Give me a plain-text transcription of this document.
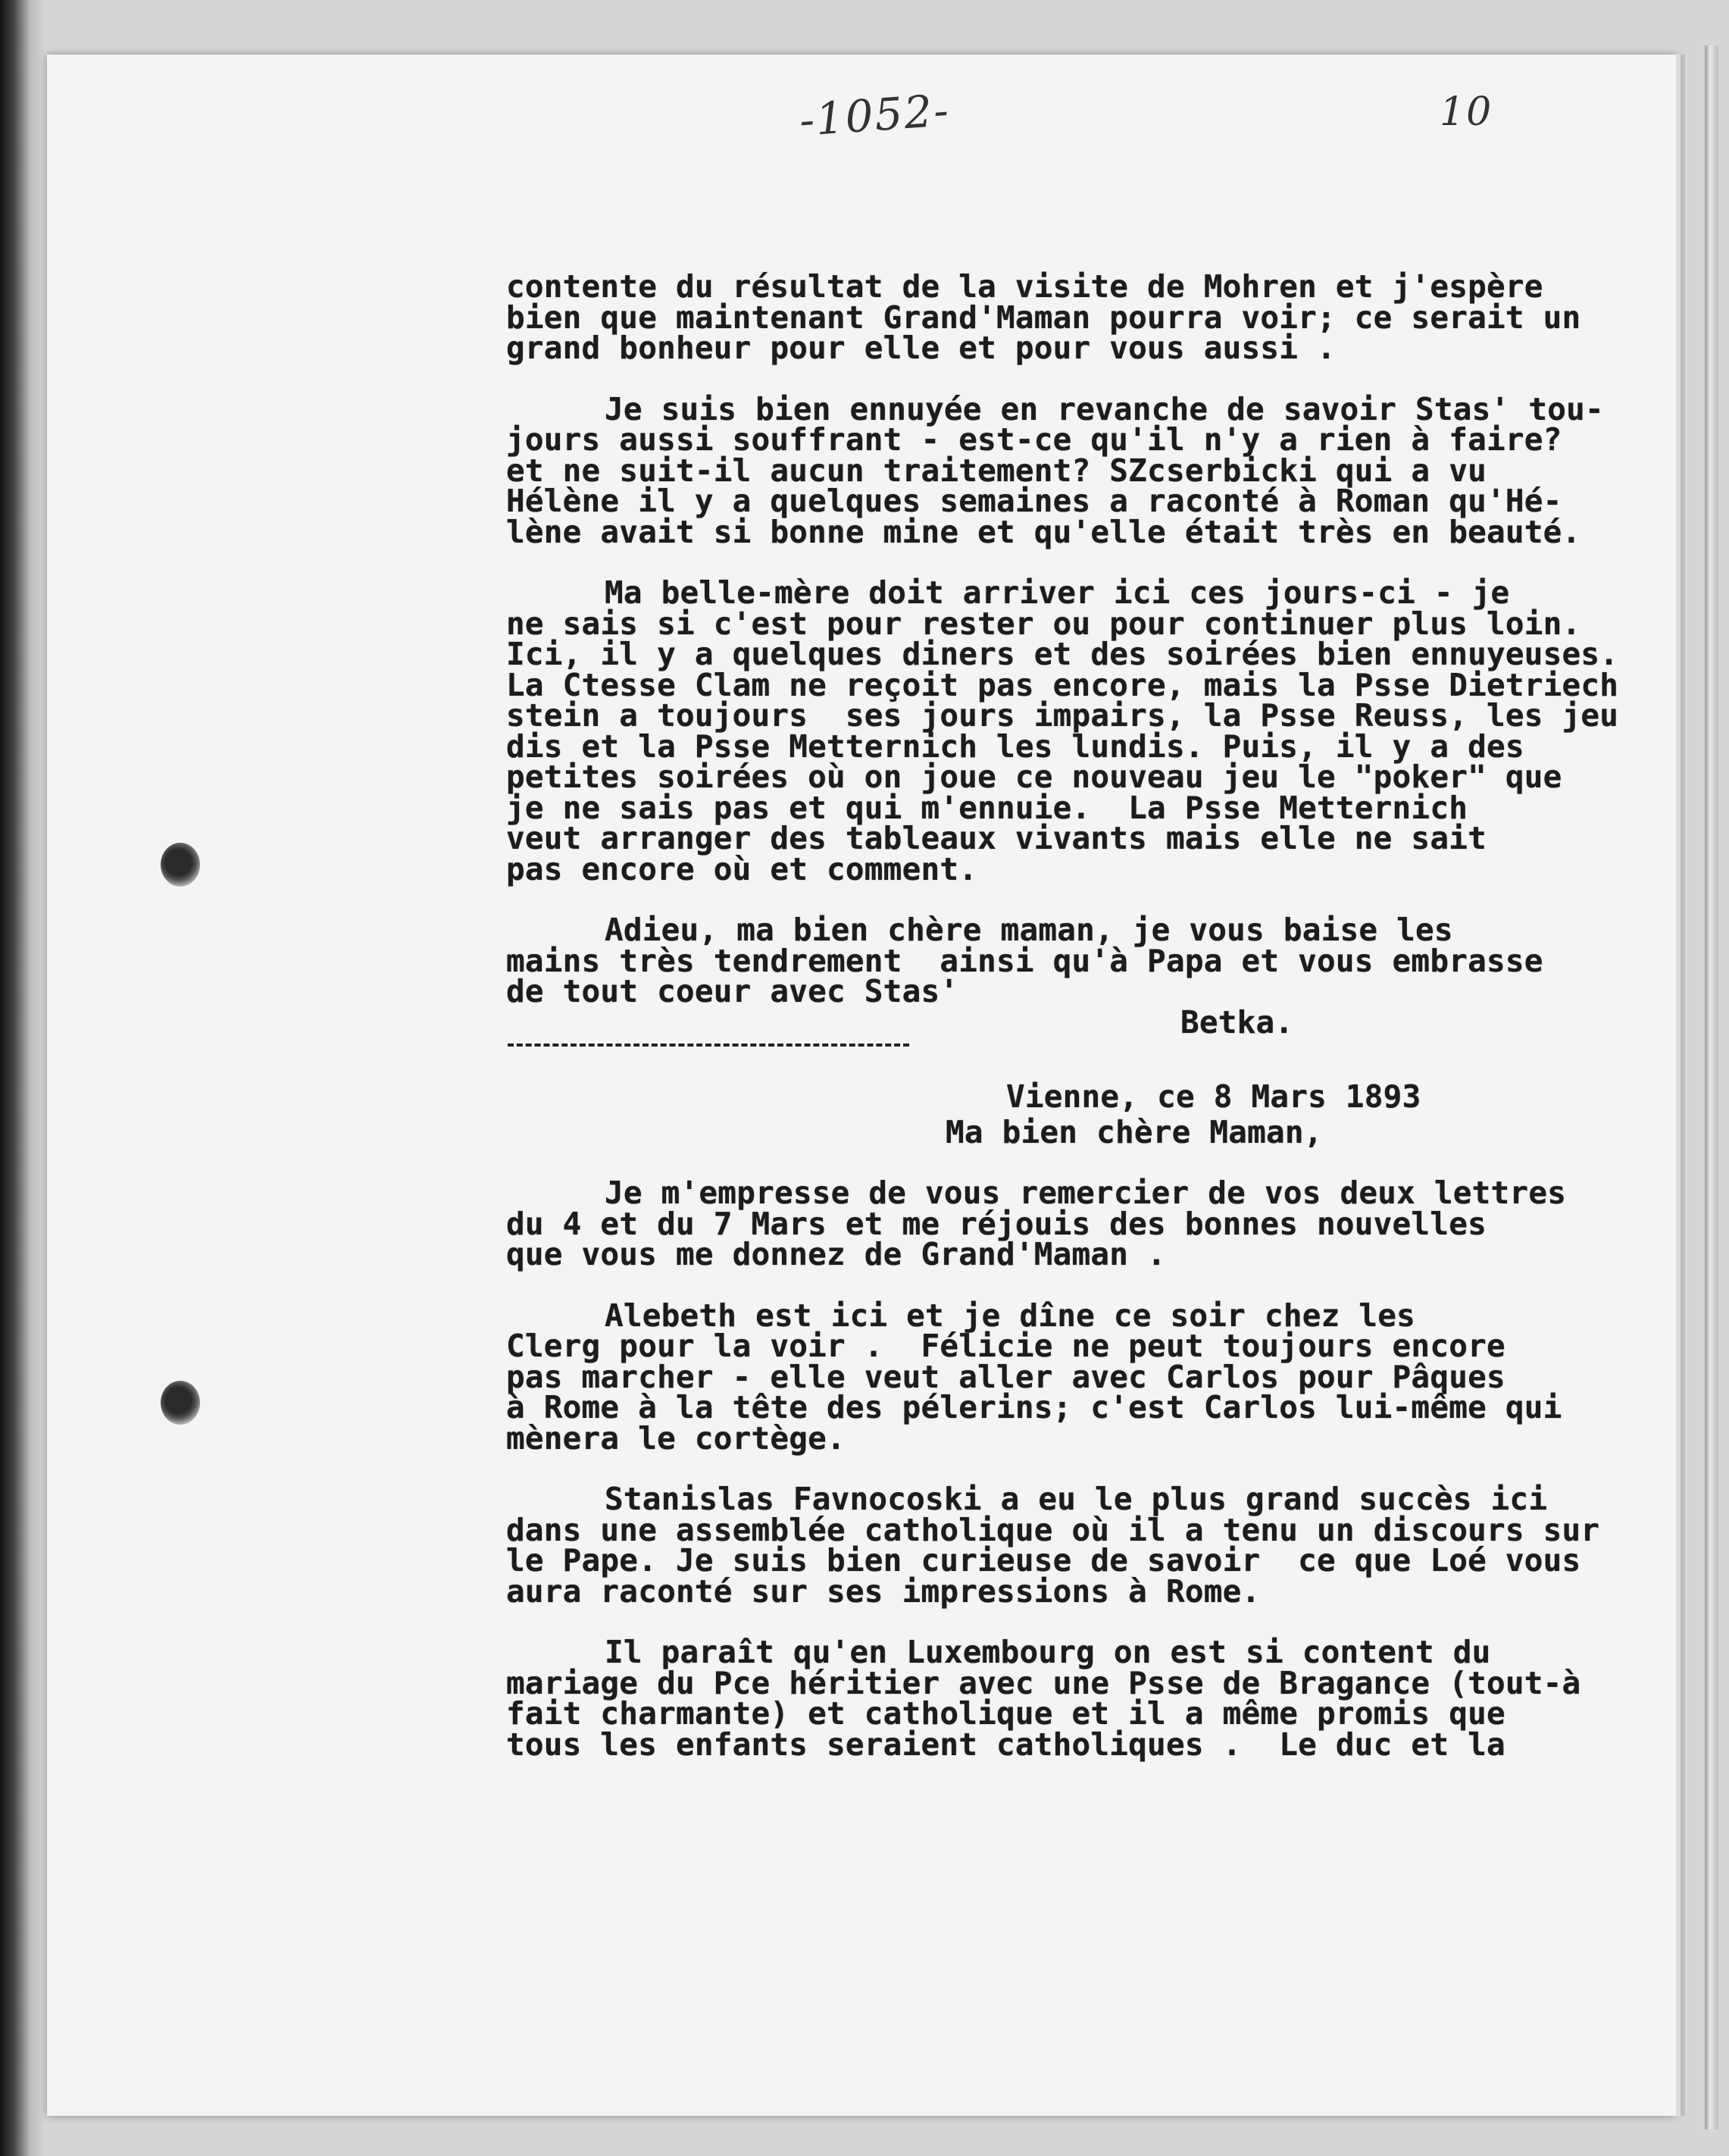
-1052-	10
contente du résultat de la visite de Mohren et j'espère
bien que maintenant Grand'Maman pourra voir; ce serait un
grand bonheur pour elle et pour vous aussi .
Je suis bien ennuyée en revanche de savoir Stas' tou-
jours aussi souffrant - est-ce qu'il n'y a rien à faire?
et ne suit-il aucun traitement? SZcserbicki qui a vu
Hélène il y a quelques semaines a raconté à Roman qu'Hé-
lène avait si bonne mine et qu'elle était très en beauté.
Ma belle-mère doit arriver ici ces jours-ci - je
ne sais si c'est pour rester ou pour continuer plus loin.
Ici, il y a quelques diners et des soirées bien ennuyeuses.
La Ctesse Clam ne reçoit pas encore, mais la Psse Dietriech
stein a toujours  ses jours impairs, la Psse Reuss, les jeu
dis et la Psse Metternich les lundis. Puis, il y a des
petites soirées où on joue ce nouveau jeu le "poker" que
je ne sais pas et qui m'ennuie.  La Psse Metternich
veut arranger des tableaux vivants mais elle ne sait
pas encore où et comment.
Adieu, ma bien chère maman, je vous baise les
mains très tendrement  ainsi qu'à Papa et vous embrasse
de tout coeur avec Stas'
Betka.
Vienne, ce 8 Mars 1893
Ma bien chère Maman,
Je m'empresse de vous remercier de vos deux lettres
du 4 et du 7 Mars et me réjouis des bonnes nouvelles
que vous me donnez de Grand'Maman .
Alebeth est ici et je dîne ce soir chez les
Clerg pour la voir .  Félicie ne peut toujours encore
pas marcher - elle veut aller avec Carlos pour Pâques
à Rome à la tête des pélerins; c'est Carlos lui-même qui
mènera le cortège.
Stanislas Favnocoski a eu le plus grand succès ici
dans une assemblée catholique où il a tenu un discours sur
le Pape. Je suis bien curieuse de savoir  ce que Loé vous
aura raconté sur ses impressions à Rome.
Il paraît qu'en Luxembourg on est si content du
mariage du Pce héritier avec une Psse de Bragance (tout-à
fait charmante) et catholique et il a même promis que
tous les enfants seraient catholiques .  Le duc et la
